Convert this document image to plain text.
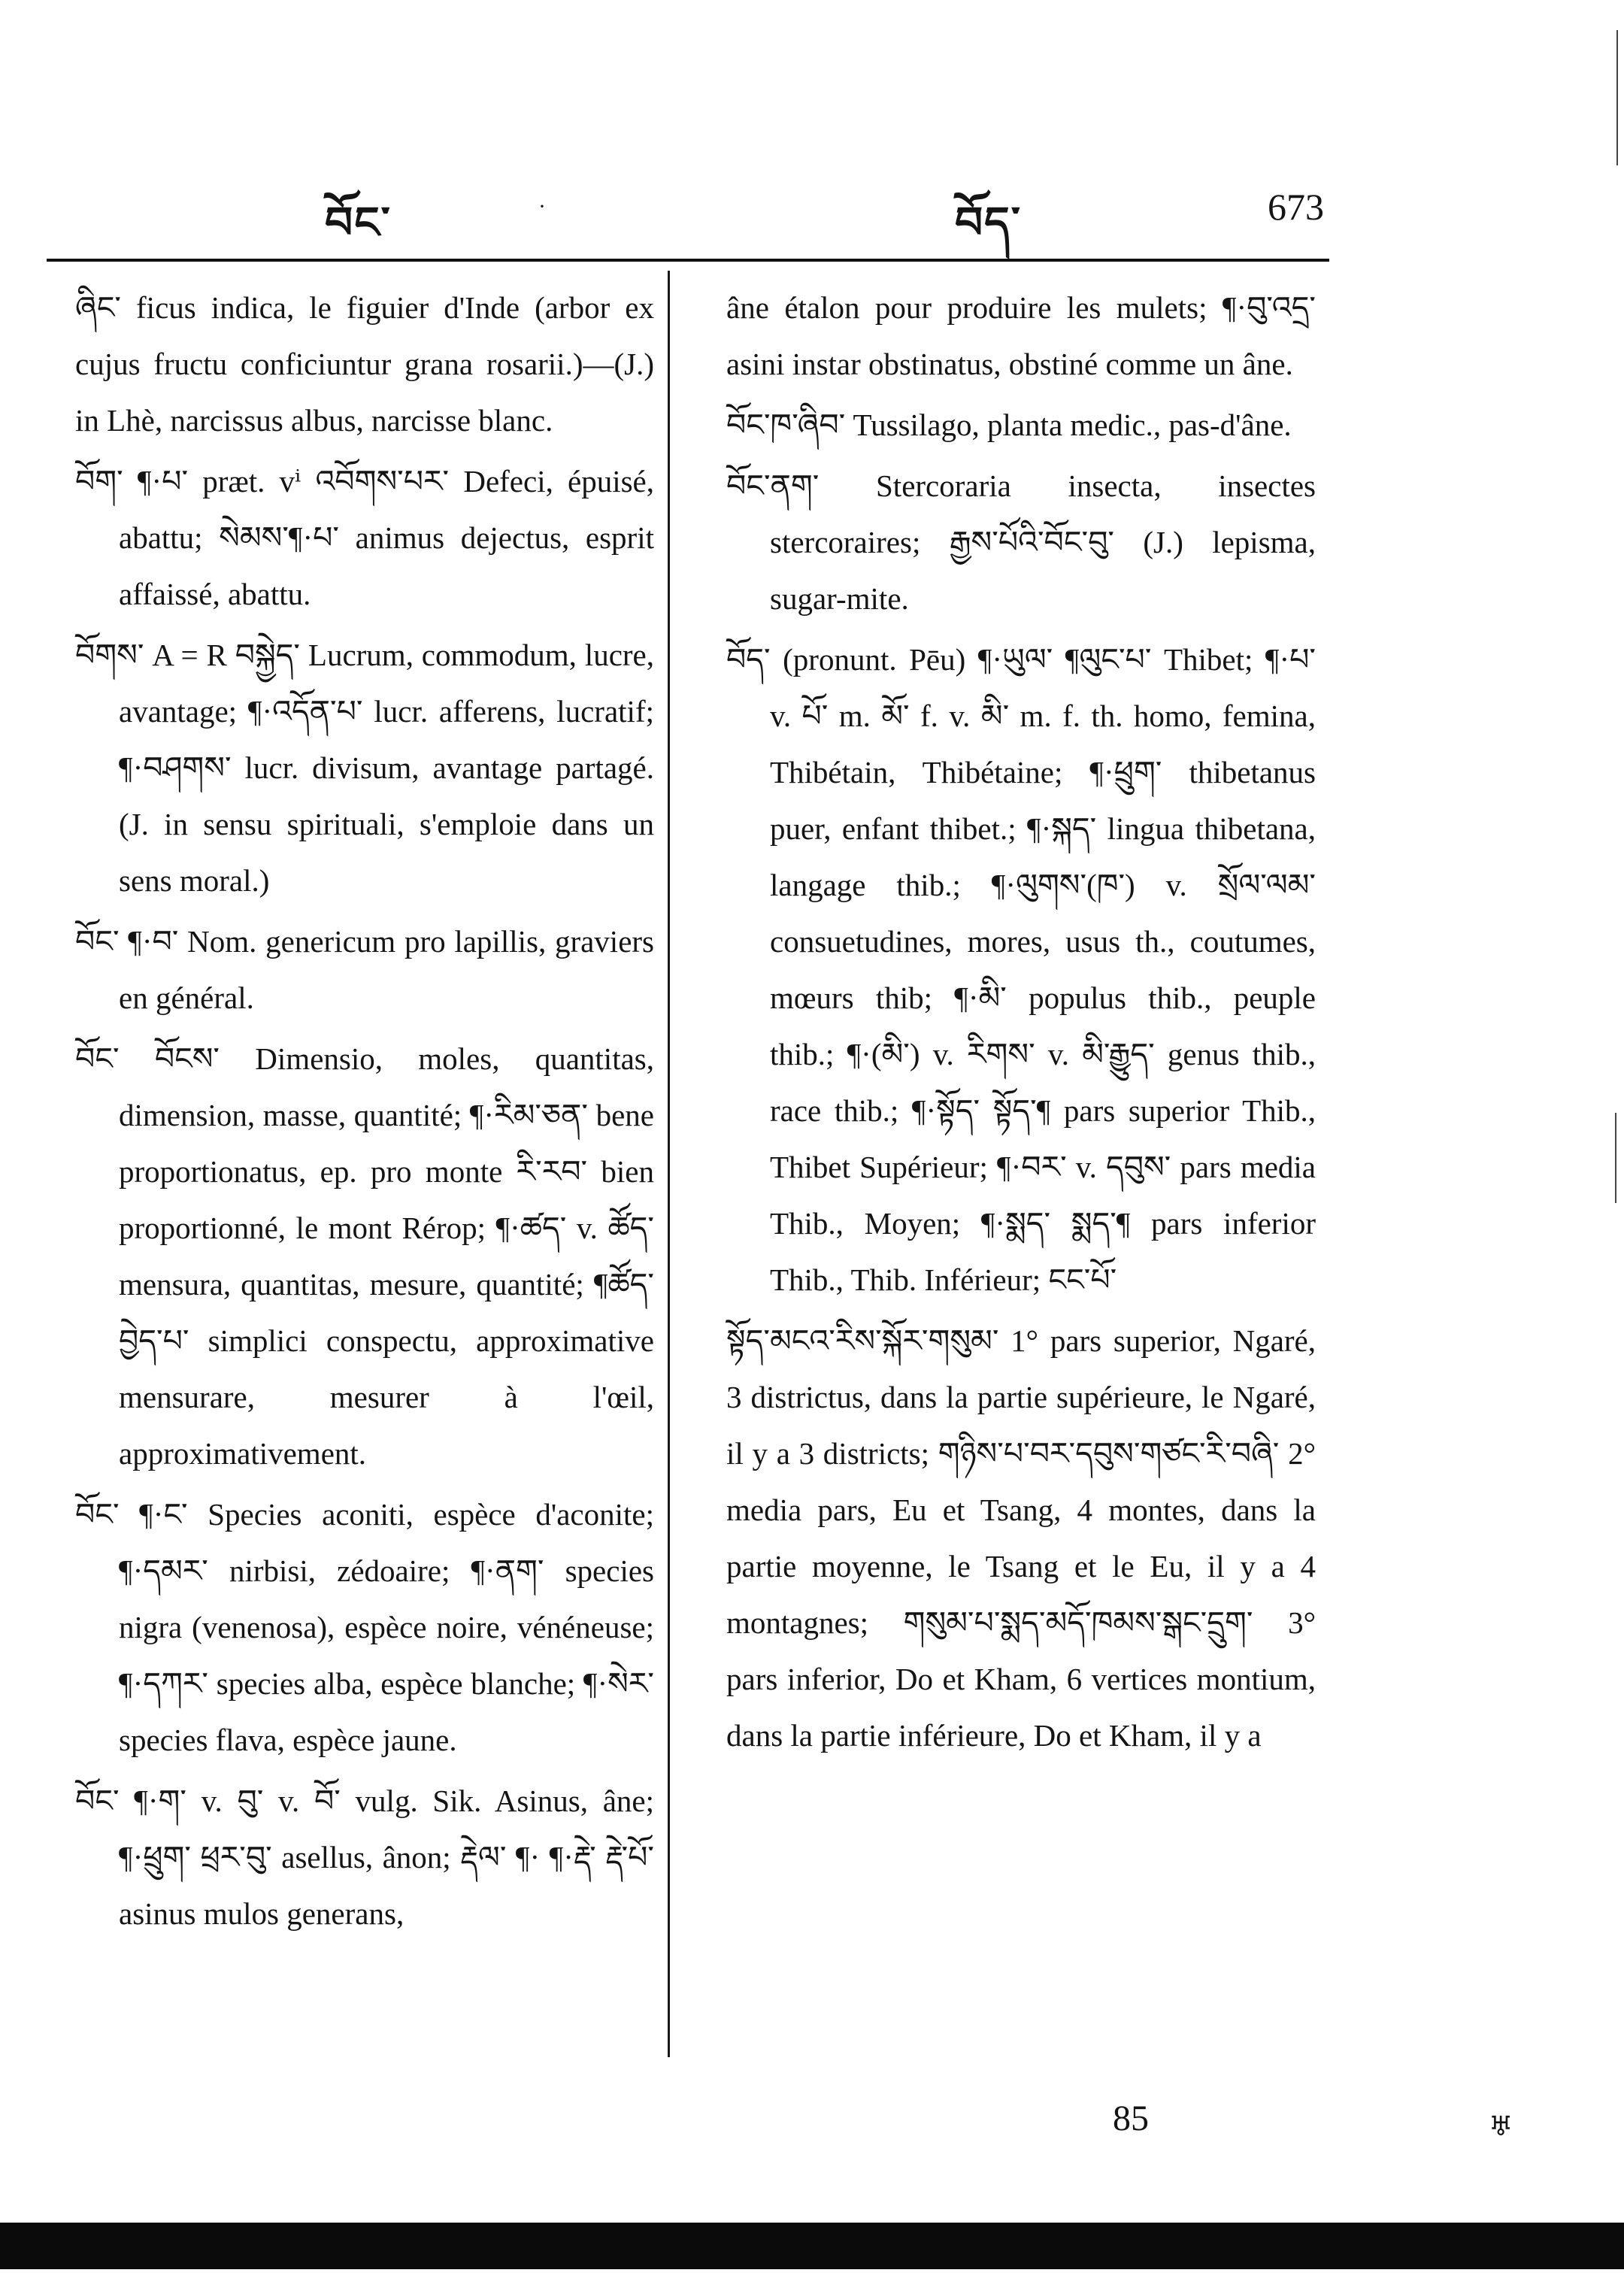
བོང་	·	བོད་	673

ཞིང་ ficus indica, le figuier d'Inde (arbor ex cujus fructu conficiuntur grana rosarii.)—(J.) in Lhè, narcissus albus, narcisse blanc.

བོག་ ¶·པ་ præt. vⁱ འབོགས་པར་ Defeci, épuisé, abattu; སེམས་¶·པ་ animus dejectus, esprit affaissé, abattu.

བོགས་ A = R བསྐྱེད་ Lucrum, commodum, lucre, avantage; ¶·འདོན་པ་ lucr. afferens, lucratif; ¶·བཤགས་ lucr. divisum, avantage partagé. (J. in sensu spirituali, s'emploie dans un sens moral.)

བོང་ ¶·བ་ Nom. genericum pro lapillis, graviers en général.

བོང་ བོངས་ Dimensio, moles, quantitas, dimension, masse, quantité; ¶·རིམ་ཅན་ bene proportionatus, ep. pro monte རི་རབ་ bien proportionné, le mont Rérop; ¶·ཚད་ v. ཚོད་ mensura, quantitas, mesure, quantité; ¶ཚོད་བྱེད་པ་ simplici conspectu, approximative mensurare, mesurer à l'œil, approximativement.

བོང་ ¶·ང་ Species aconiti, espèce d'aconite; ¶·དམར་ nirbisi, zédoaire; ¶·ནག་ species nigra (venenosa), espèce noire, vénéneuse; ¶·དཀར་ species alba, espèce blanche; ¶·སེར་ species flava, espèce jaune.

བོང་ ¶·ག་ v. བུ་ v. བོ་ vulg. Sik. Asinus, âne; ¶·ཕྲུག་ ཕྲར་བུ་ asellus, ânon; རྡེལ་ ¶· ¶·རྡེ་ རྡེ་པོ་ asinus mulos generans,

âne étalon pour produire les mulets; ¶·བུ་འདྲ་ asini instar obstinatus, obstiné comme un âne.

བོང་ཁ་ཞིབ་ Tussilago, planta medic., pas-d'âne.

བོང་ནག་ Stercoraria insecta, insectes stercoraires; རྒྱས་པོའི་བོང་བུ་ (J.) lepisma, sugar-mite.

བོད་ (pronunt. Pēu) ¶·ཡུལ་ ¶ལུང་པ་ Thibet; ¶·པ་ v. པོ་ m. མོ་ f. v. མི་ m. f. th. homo, femina, Thibétain, Thibétaine; ¶·ཕྲུག་ thibetanus puer, enfant thibet.; ¶·སྐད་ lingua thibetana, langage thib.; ¶·ལུགས་(ཁ་) v. སྲོལ་ལམ་ consuetudines, mores, usus th., coutumes, mœurs thib; ¶·མི་ populus thib., peuple thib.; ¶·(མི་) v. རིགས་ v. མི་རྒྱུད་ genus thib., race thib.; ¶·སྟོད་ སྟོད་¶ pars superior Thib., Thibet Supérieur; ¶·བར་ v. དབུས་ pars media Thib., Moyen; ¶·སྨད་ སྨད་¶ pars inferior Thib., Thib. Inférieur; ངང་པོ་

སྟོད་མངའ་རིས་སྐོར་གསུམ་ 1° pars superior, Ngaré, 3 districtus, dans la partie supérieure, le Ngaré, il y a 3 districts; གཉིས་པ་བར་དབུས་གཙང་རི་བཞི་ 2° media pars, Eu et Tsang, 4 montes, dans la partie moyenne, le Tsang et le Eu, il y a 4 montagnes; གསུམ་པ་སྨད་མདོ་ཁམས་སྒང་དྲུག་ 3° pars inferior, Do et Kham, 6 vertices montium, dans la partie inférieure, Do et Kham, il y a

85	♅
